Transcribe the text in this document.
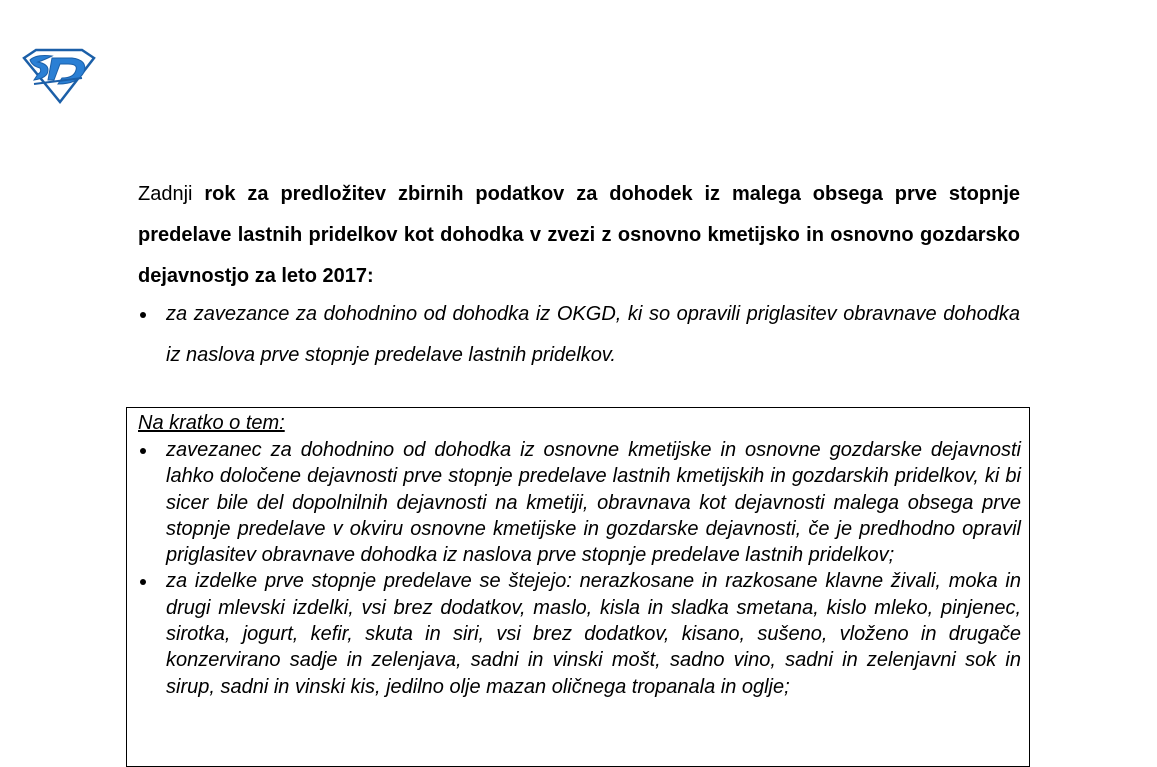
Zadnji rok za predložitev zbirnih podatkov za dohodek iz malega obsega prve stopnje predelave lastnih pridelkov kot dohodka v zvezi z osnovno kmetijsko in osnovno gozdarsko dejavnostjo za leto 2017:

za zavezance za dohodnino od dohodka iz OKGD, ki so opravili priglasitev obravnave dohodka iz naslova prve stopnje predelave lastnih pridelkov.

Na kratko o tem:

zavezanec za dohodnino od dohodka iz osnovne kmetijske in osnovne gozdarske dejavnosti lahko določene dejavnosti prve stopnje predelave lastnih kmetijskih in gozdarskih pridelkov, ki bi sicer bile del dopolnilnih dejavnosti na kmetiji, obravnava kot dejavnosti malega obsega prve stopnje predelave v okviru osnovne kmetijske in gozdarske dejavnosti, če je predhodno opravil priglasitev obravnave dohodka iz naslova prve stopnje predelave lastnih pridelkov;
za izdelke prve stopnje predelave se štejejo: nerazkosane in razkosane klavne živali, moka in drugi mlevski izdelki, vsi brez dodatkov, maslo, kisla in sladka smetana, kislo mleko, pinjenec, sirotka, jogurt, kefir, skuta in siri, vsi brez dodatkov, kisano, sušeno, vloženo in drugače konzervirano sadje in zelenjava, sadni in vinski mošt, sadno vino, sadni in zelenjavni sok in sirup, sadni in vinski kis, jedilno olje mazan oličnega tropanala in oglje;
